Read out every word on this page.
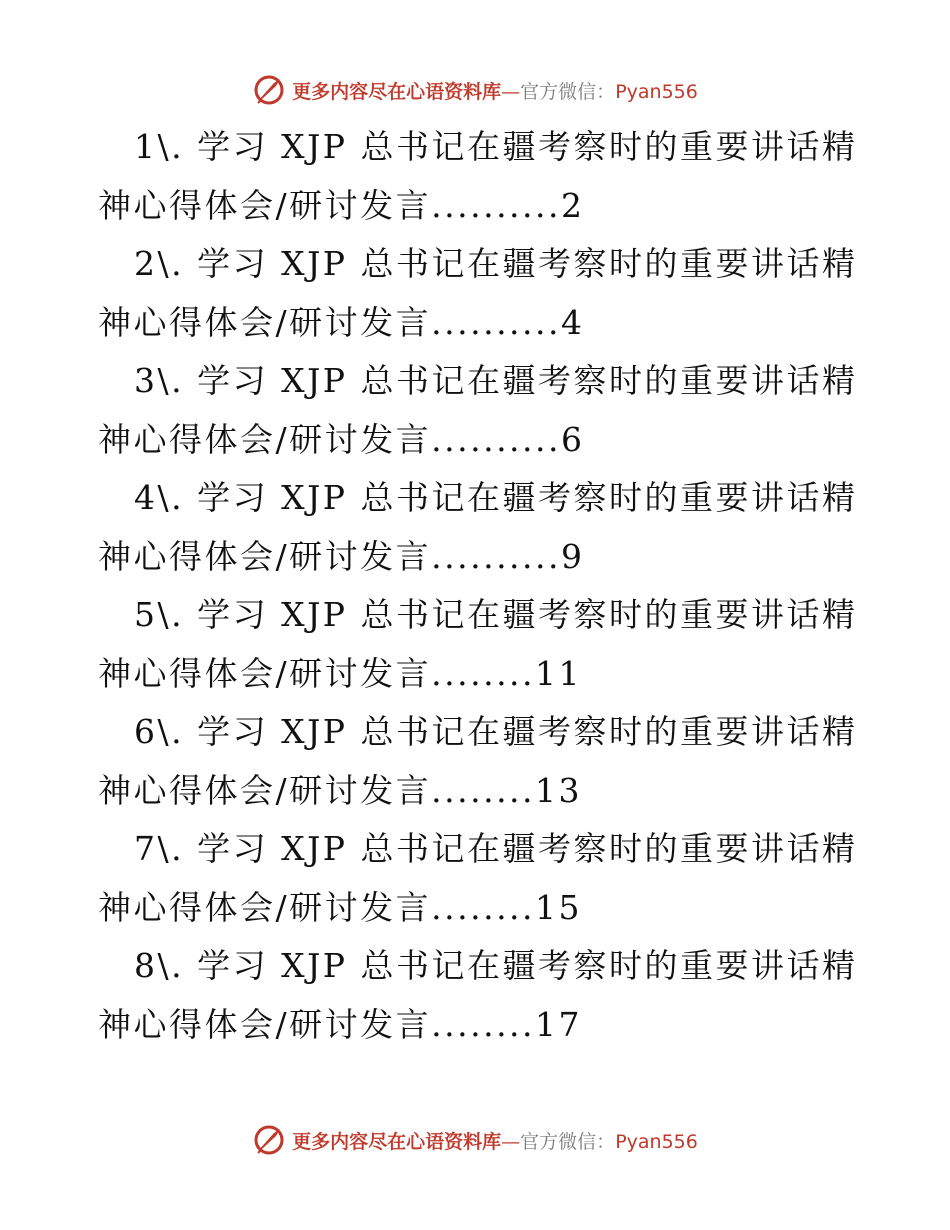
更多内容尽在心语资料库—官方微信：Pyan556
1\. 学习 XJP 总书记在疆考察时的重要讲话精
神心得体会/研讨发言..........2
2\. 学习 XJP 总书记在疆考察时的重要讲话精
神心得体会/研讨发言..........4
3\. 学习 XJP 总书记在疆考察时的重要讲话精
神心得体会/研讨发言..........6
4\. 学习 XJP 总书记在疆考察时的重要讲话精
神心得体会/研讨发言..........9
5\. 学习 XJP 总书记在疆考察时的重要讲话精
神心得体会/研讨发言........11
6\. 学习 XJP 总书记在疆考察时的重要讲话精
神心得体会/研讨发言........13
7\. 学习 XJP 总书记在疆考察时的重要讲话精
神心得体会/研讨发言........15
8\. 学习 XJP 总书记在疆考察时的重要讲话精
神心得体会/研讨发言........17
更多内容尽在心语资料库—官方微信：Pyan556
